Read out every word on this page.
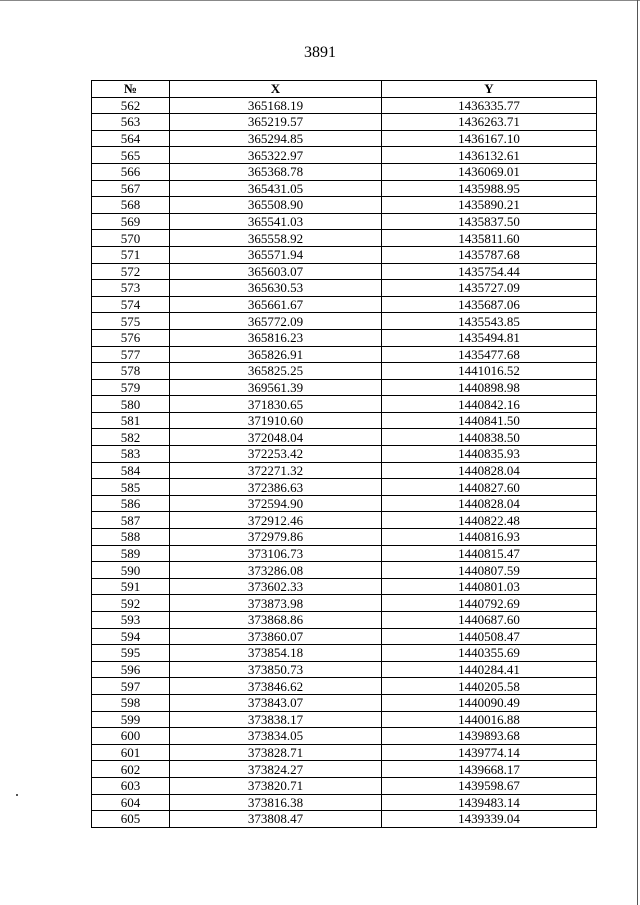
3891
№	X	Y
562	365168.19	1436335.77
563	365219.57	1436263.71
564	365294.85	1436167.10
565	365322.97	1436132.61
566	365368.78	1436069.01
567	365431.05	1435988.95
568	365508.90	1435890.21
569	365541.03	1435837.50
570	365558.92	1435811.60
571	365571.94	1435787.68
572	365603.07	1435754.44
573	365630.53	1435727.09
574	365661.67	1435687.06
575	365772.09	1435543.85
576	365816.23	1435494.81
577	365826.91	1435477.68
578	365825.25	1441016.52
579	369561.39	1440898.98
580	371830.65	1440842.16
581	371910.60	1440841.50
582	372048.04	1440838.50
583	372253.42	1440835.93
584	372271.32	1440828.04
585	372386.63	1440827.60
586	372594.90	1440828.04
587	372912.46	1440822.48
588	372979.86	1440816.93
589	373106.73	1440815.47
590	373286.08	1440807.59
591	373602.33	1440801.03
592	373873.98	1440792.69
593	373868.86	1440687.60
594	373860.07	1440508.47
595	373854.18	1440355.69
596	373850.73	1440284.41
597	373846.62	1440205.58
598	373843.07	1440090.49
599	373838.17	1440016.88
600	373834.05	1439893.68
601	373828.71	1439774.14
602	373824.27	1439668.17
603	373820.71	1439598.67
604	373816.38	1439483.14
605	373808.47	1439339.04
